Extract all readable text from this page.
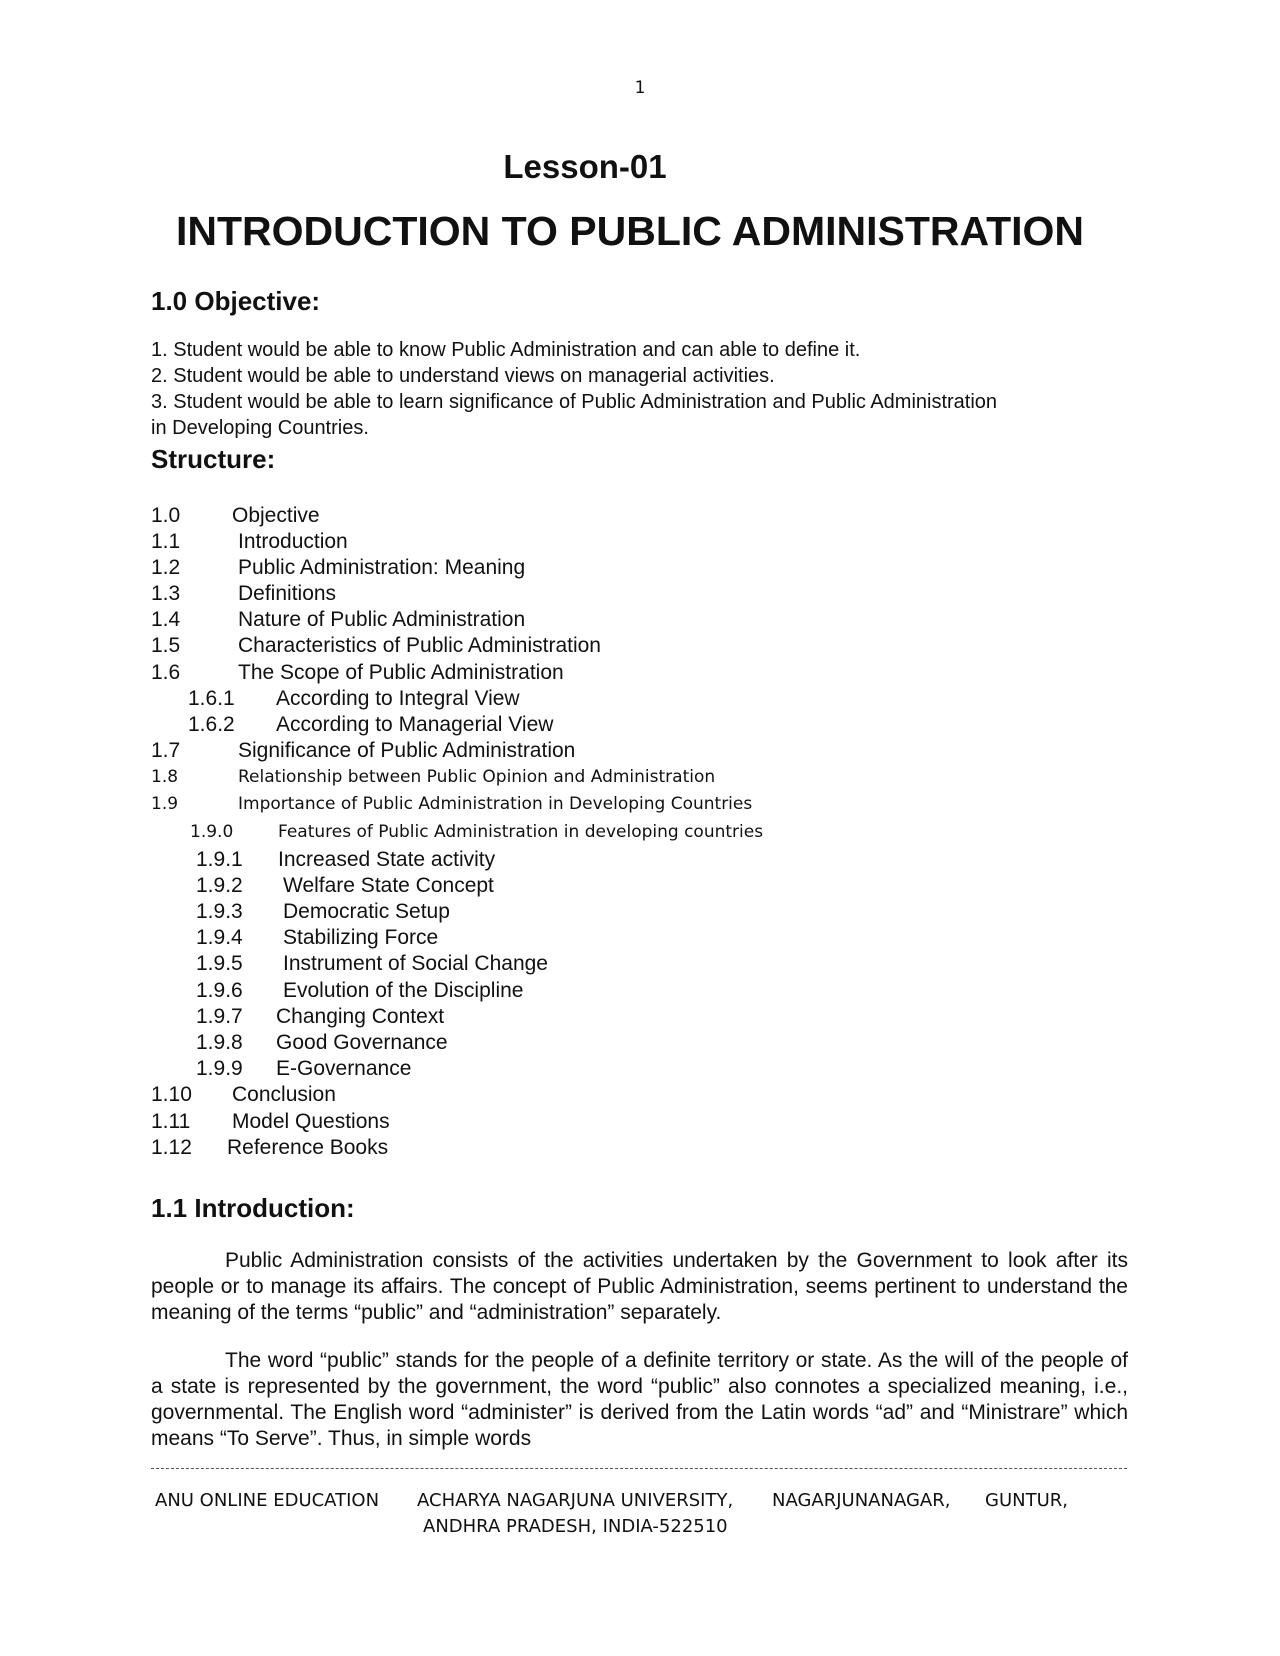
1
Lesson-01
INTRODUCTION TO PUBLIC ADMINISTRATION
1.0 Objective:
1. Student would be able to know Public Administration and can able to define it.
2. Student would be able to understand views on managerial activities.
3. Student would be able to learn significance of Public Administration and Public Administration
in Developing Countries.
Structure:
1.0 Objective
1.1	Introduction
1.2	Public Administration: Meaning
1.3	Definitions
1.4	Nature of Public Administration
1.5	Characteristics of Public Administration
1.6	The Scope of Public Administration
1.6.1 According to Integral View
1.6.2 According to Managerial View
1.7	Significance of Public Administration
1.8	Relationship between Public Opinion and Administration
1.9	Importance of Public Administration in Developing Countries
1.9.0	Features of Public Administration in developing countries
1.9.1 Increased State activity
1.9.2 Welfare State Concept
1.9.3 Democratic Setup
1.9.4 Stabilizing Force
1.9.5 Instrument of Social Change
1.9.6 Evolution of the Discipline
1.9.7 Changing Context
1.9.8 Good Governance
1.9.9 E-Governance
1.10 Conclusion
1.11 Model Questions
1.12 Reference Books
1.1 Introduction:

Public Administration consists of the activities undertaken by the Government to look after its people or to manage its affairs. The concept of Public Administration, seems pertinent to understand the meaning of the terms “public” and “administration” separately.

The word “public” stands for the people of a definite territory or state. As the will of the people of a state is represented by the government, the word “public” also connotes a specialized meaning, i.e., governmental. The English word “administer” is derived from the Latin words “ad” and “Ministrare” which means “To Serve”. Thus, in simple words

ANU ONLINE EDUCATION ACHARYA NAGARJUNA UNIVERSITY, NAGARJUNANAGAR, GUNTUR,
ANDHRA PRADESH, INDIA-522510
